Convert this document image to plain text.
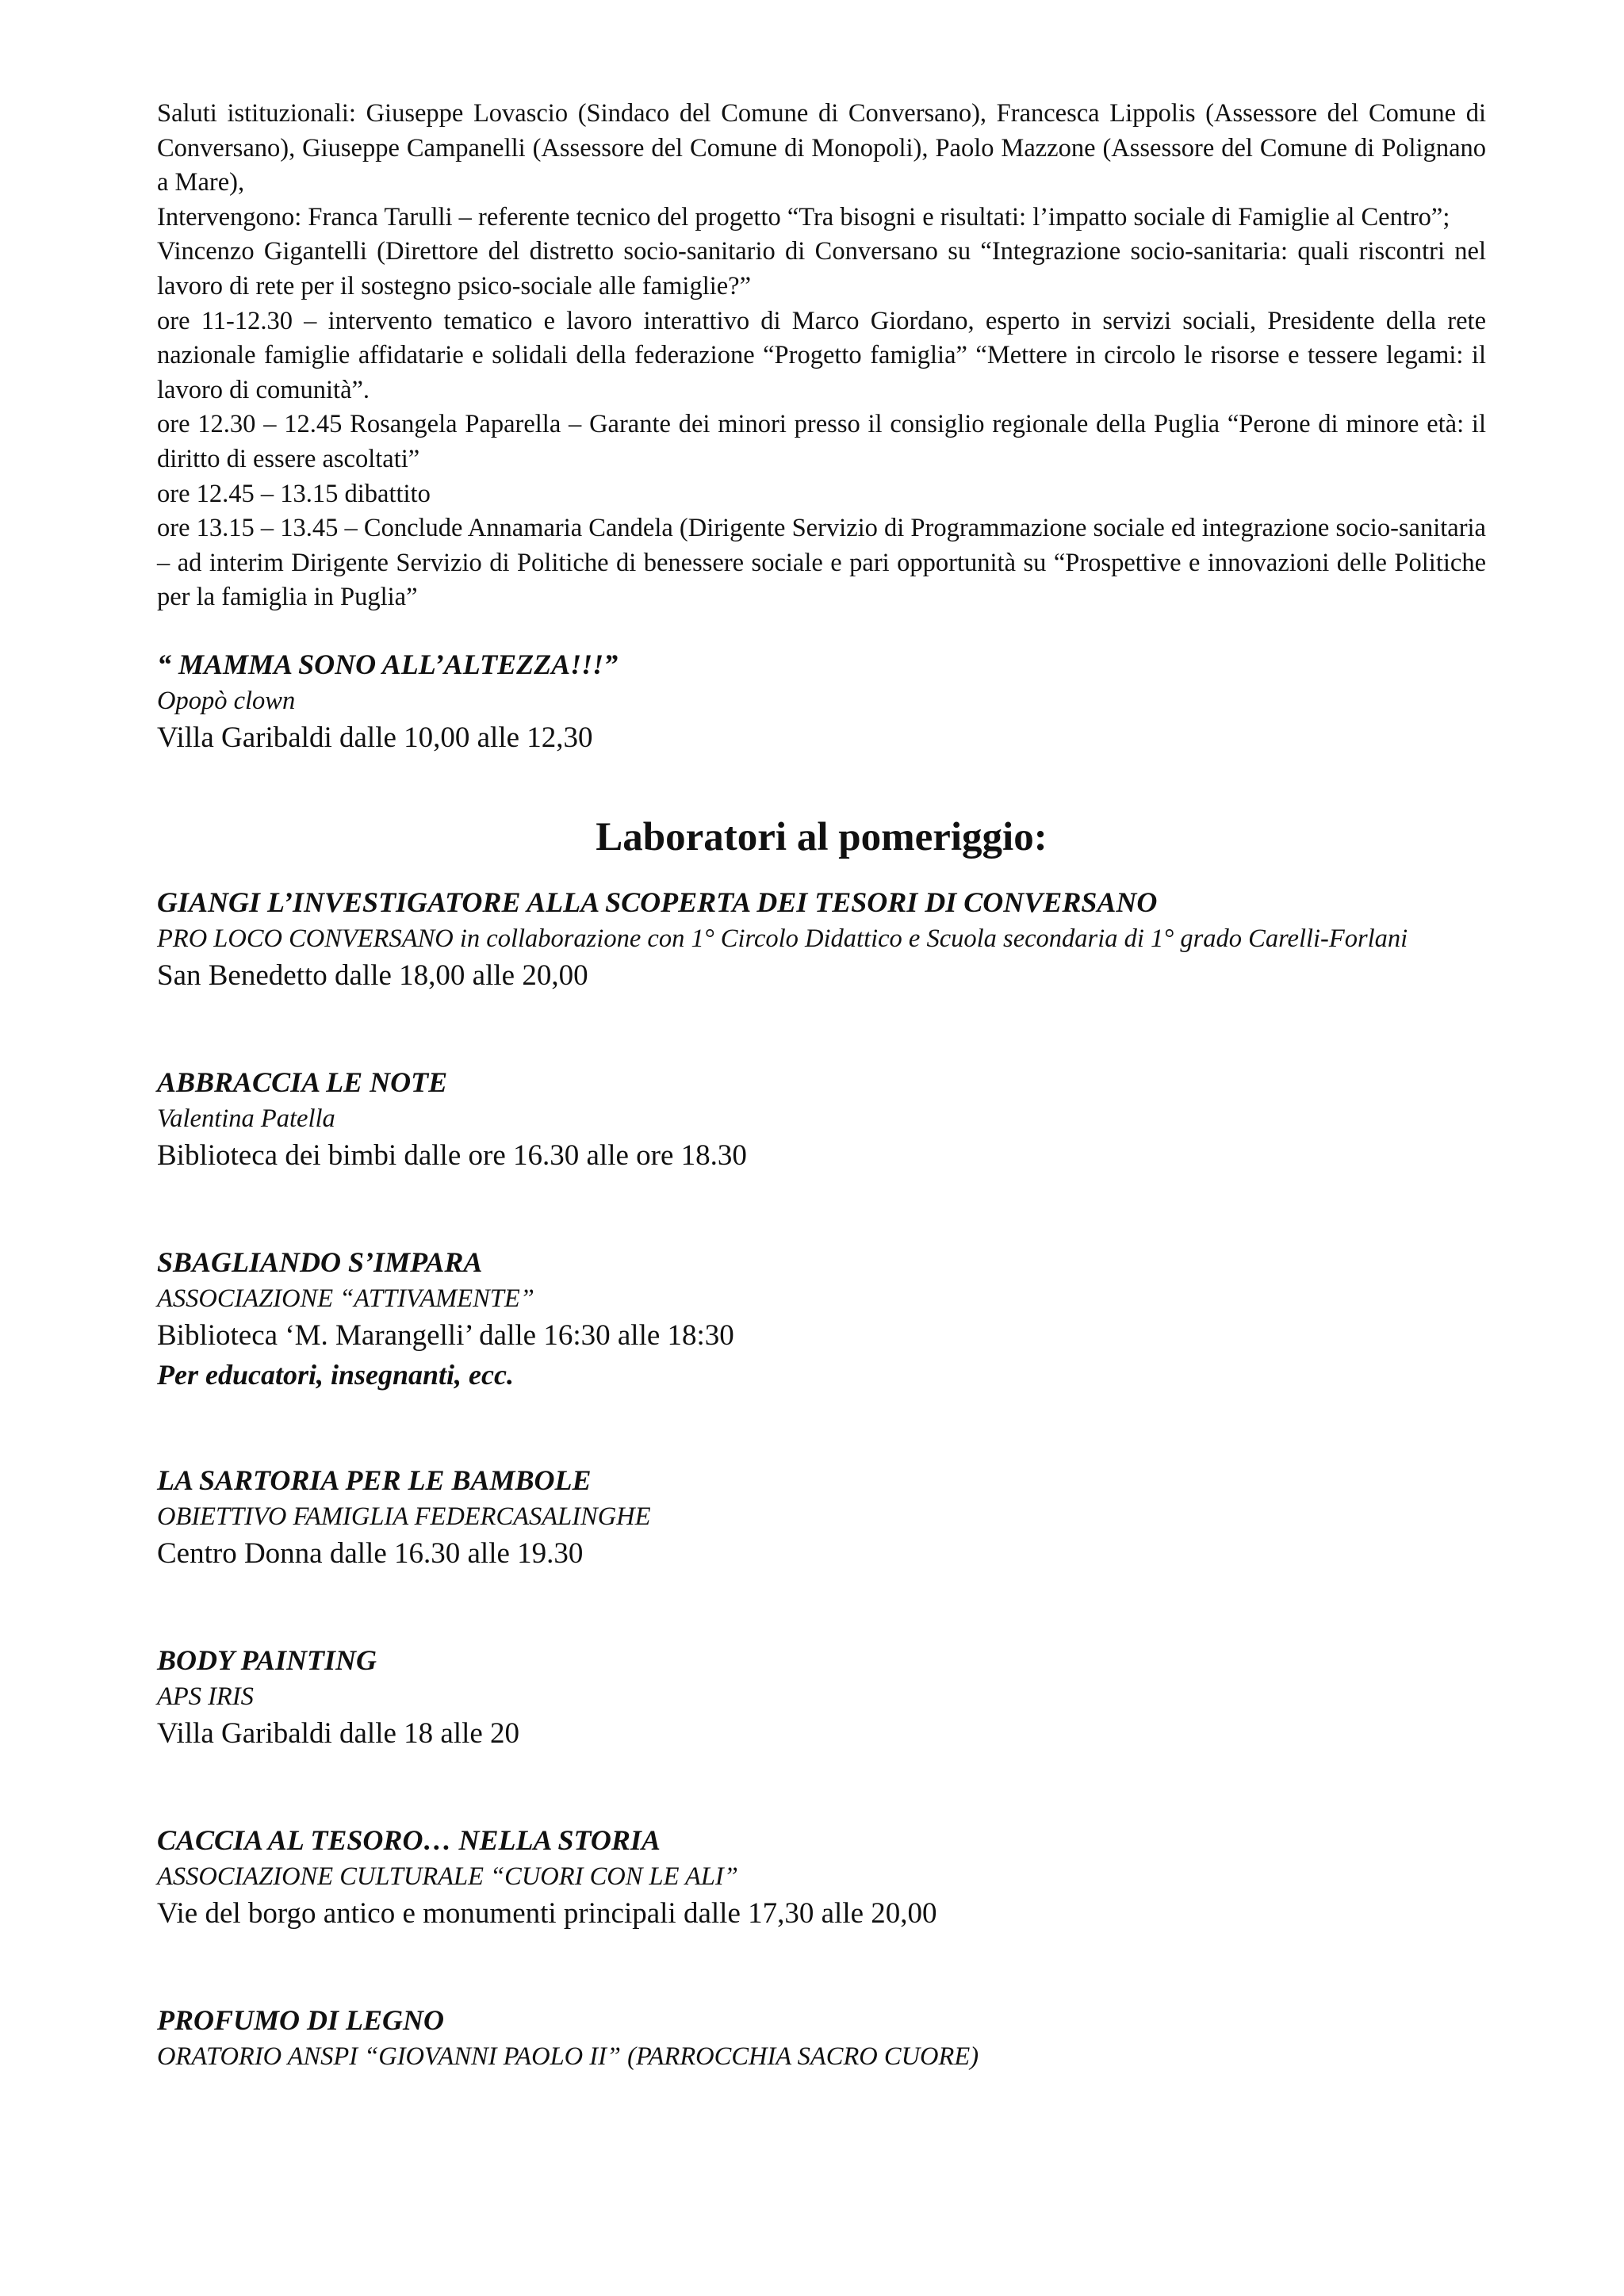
Saluti istituzionali: Giuseppe Lovascio (Sindaco del Comune di Conversano), Francesca Lippolis (Assessore del Comune di Conversano), Giuseppe Campanelli (Assessore del Comune di Monopoli), Paolo Mazzone (Assessore del Comune di Polignano a Mare),

Intervengono: Franca Tarulli – referente tecnico del progetto “Tra bisogni e risultati: l’impatto sociale di Famiglie al Centro”;

Vincenzo Gigantelli (Direttore del distretto socio-sanitario di Conversano su “Integrazione socio-sanitaria: quali riscontri nel lavoro di rete per il sostegno psico-sociale alle famiglie?”

ore 11-12.30 – intervento tematico e lavoro interattivo di Marco Giordano, esperto in servizi sociali, Presidente della rete nazionale famiglie affidatarie e solidali della federazione “Progetto famiglia” “Mettere in circolo le risorse e tessere legami: il lavoro di comunità”.

ore 12.30 – 12.45 Rosangela Paparella – Garante dei minori presso il consiglio regionale della Puglia “Perone di minore età: il diritto di essere ascoltati”

ore 12.45 – 13.15 dibattito

ore 13.15 – 13.45 – Conclude Annamaria Candela (Dirigente Servizio di Programmazione sociale ed integrazione socio-sanitaria – ad interim Dirigente Servizio di Politiche di benessere sociale e pari opportunità su “Prospettive e innovazioni delle Politiche per la famiglia in Puglia”

“ MAMMA SONO ALL’ALTEZZA!!!”
Opopò clown
Villa Garibaldi dalle 10,00 alle 12,30
Laboratori al pomeriggio:
GIANGI L’INVESTIGATORE ALLA SCOPERTA DEI TESORI DI CONVERSANO
PRO LOCO CONVERSANO in collaborazione con 1° Circolo Didattico e Scuola secondaria di 1° grado Carelli-Forlani
San Benedetto dalle 18,00 alle 20,00
ABBRACCIA LE NOTE
Valentina Patella
Biblioteca dei bimbi dalle ore 16.30 alle ore 18.30
SBAGLIANDO S’IMPARA
ASSOCIAZIONE “ATTIVAMENTE”
Biblioteca ‘M. Marangelli’ dalle 16:30 alle 18:30
Per educatori, insegnanti, ecc.
LA SARTORIA PER LE BAMBOLE
OBIETTIVO FAMIGLIA FEDERCASALINGHE
Centro Donna dalle 16.30 alle 19.30
BODY PAINTING
APS IRIS
Villa Garibaldi dalle 18 alle 20
CACCIA AL TESORO… NELLA STORIA
ASSOCIAZIONE CULTURALE “CUORI CON LE ALI”
Vie del borgo antico e monumenti principali dalle 17,30 alle 20,00
PROFUMO DI LEGNO
ORATORIO ANSPI “GIOVANNI PAOLO II” (PARROCCHIA SACRO CUORE)
